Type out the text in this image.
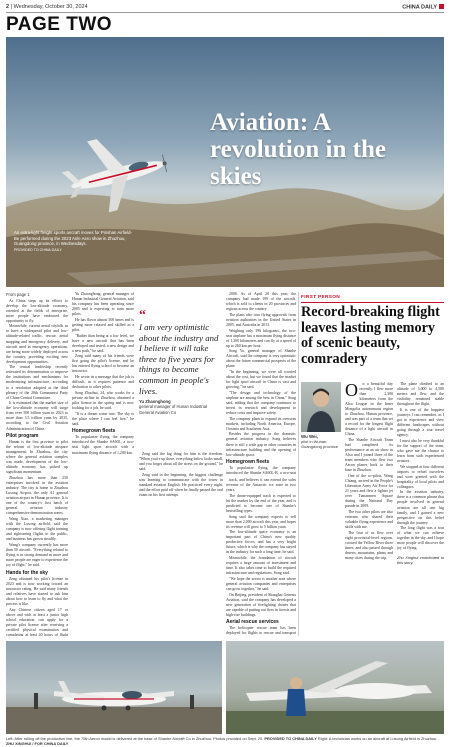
2 | Wednesday, October 30, 2024	CHINA DAILY
PAGE TWO
Aviation: A revolution in the skies
An extra-light freight sports aircraft moves for Pinshan Airfield-Be performed during the 2023 Anle Aero show in Zhuzhou, Guangdong province, in Wednesdays.
PROVIDED TO CHINA DAILY
From page 1

As China steps up its efforts to develop the low-altitude economy, oriented at the fields of enterprise, more people have embraced the opportunity to fly.

Meanwhile, current aerial cityfolk as to have a widespread pilot and low-altitude-related traffic, rescue, aerial mapping and emergency delivery, and aircraft used in emergency operations, are being more widely deployed across the country, providing exciting new development opportunities.

The central leadership recently reiterated its determination to improve the institutions and mechanisms for modernizing infrastructure, according to a resolution adopted at the third plenary of the 20th Communist Party of China Central Committee.

It is estimated that the market size of the low-altitude economy will surge from over 500 billion yuan in 2023 to more than 3.5 trillion yuan by 2035, according to the Civil Aviation Administration of China.

Pilot program

Hunan is the first province to pilot the reform of low-altitude airspace management. In Zhuzhou, the city where the general aviation complex was made, development of the low-altitude economy has picked up significant momentum.

Zhuzhou has more than 250 enterprises involved in the aviation industry. The city is home to Zhuzhou Lusong Airport, the only A1 general aviation airport in Hunan province. It is one of the country's first batch of general aviation industry comprehensive demonstration zones.

Wang Xiao, a marketing manager with the Lusong airfield, said the company is now offering flight training and sightseeing flights to the public, and business has grown steadily.

Wang's company currently has more than 50 aircraft. "Everything related to flying is in strong demand as more and more people are eager to experience the joy of flight," he said.

Hands for the sky

Zeng obtained his pilot's license in 2023 and is now working toward an instructor rating. He said many friends and relatives have started to ask him about how to learn to fly and what the process is like.

Any Chinese citizen aged 17 or above and with at least a junior high school education, can apply for a private pilot license after receiving a certified physical examination and completing at least 40 hours of flight

Yu Zhaonghong, general manager of Hunan Industrial General Aviation, said his company has been operating since 2005 and is expecting to train more pilots.

He has flown almost 500 times and is getting more relaxed and skilled as a pilot.

"Rather than being at a low level, we have a new aircraft that has been developed and tested, a new design and a new path," he said.

Zeng said many of his friends were first going the pilot's license, and he has entered flying school to become an instructor.

He wrote in a message that the job is difficult, as it requires patience and dedication to other pilots.

Song Zhaohui, 24, who works for a private airline in Zhuzhou, obtained a pilot license in the spring and is now looking for a job, he said.

"It is a dream come true. The sky is the place where I can feel free," he said.

Homegrown fleets

To popularize flying, the company introduced the Shanhe SA60L, a two-seat light sport aircraft with a maximum flying distance of 1,200 km.

“
I am very optimistic about the industry and I believe it will take three to five years for things to become common in people's lives.
Yu Zhaonghong
general manager of Hunan Industrial General Aviation Co

Zeng said the big thing for him is the freedom. "When you're up there, everything below looks small, and you forget about all the stress on the ground," he said.

Zeng said in the beginning, the biggest challenge was learning to communicate with the tower in standard aviation English. He practiced every night, and the effort paid off when he finally passed the oral exam on his first attempt.

2006. As of April 20 this year, the company had made 199 of the aircraft, which is sold to clients in 20 provinces and regions across the country.

The plans also tour flying approvals from aviation authorities in the United States in 2005, and Australia in 2013.

Weighing only 396 kilograms, the two-seat airplane has a maximum flying distance of 1,200 kilometers and can fly at a speed of up to 260 km per hour.

Song Ya, general manager of Shanhe Aircraft, said the company is very optimistic about the future commercial prospects of the plane.

"In the beginning, we were all worried about the cost, but we found that the market for light sport aircraft in China is vast and growing," he said.

"The design and technology of the airplane are among the best in China," Song said, adding that the company continues to invest in research and development to reduce costs and improve safety.

The company plans to expand its overseas markets, including North America, Europe, Oceania and Southeast Asia.

Besides the progress in the domestic general aviation industry, Song believes there is still a wide gap in other countries in infrastructure building and the opening of low-altitude space.

Homegrown fleets

To popularize flying, the company introduced the Shanhe SA60L-B, a two-seat

track, and believes it can extend the sales revenue of the Antarctic ice zone in two years.

The drone-equipped track is expected to hit the market by the end of the year, and is predicted to become one of Shanhe's bestselling types.

Song said the company expects to sell more than 2,000 aircraft this year, and hopes its revenue will grow to 5 billion yuan.

The low-altitude space economy is an important part of China's new quality productive forces, and has a very bright future, which is why the company has stayed in the industry for such a long time, he said.

Meanwhile, the foundation of aircraft requires a large amount of investment and time. It also takes time to build the required infrastructure and regulations, Song said.

"We hope the sector is another area where general aviation companies and enterprises can grow together," he said.

On Beijing, president of Shanghai Genesis Aviation, said the company has developed a new generation of firefighting drones that are capable of putting out fires in forests and high-rise buildings.

Aerial rescue services

The helicopter rescue team has been deployed for flights to rescue and transport

FIRST PERSON
Record-breaking flight leaves lasting memory of scenic beauty, comradery
Wu Wei,
pilot in Wuhan, Guangdong province
O	n a beautiful day recently, I flew more than 2,300 kilometers from the Alxa League in the Inner Mongolia autonomous region to Zhuzhou, Hunan province, and was part of a team that set a record for the longest flight distance of a light aircraft in China.

The Shanhe Aircraft Team had completed its performance at an air show in Alxa and I joined three of the team members who flew two Aeron planes back to their base in Zhuzhou.

One of the co-pilots, Wang Chiang, arrived in the People's Liberation Army Air Force for 21 years and flew a fighter jet over Tiananmen Square during the National Day parade in 2009.

The two other pilots are also veterans who shared their valuable flying experience and skills with me.

The four of us flew over eight provincial-level regions, crossed the Yellow River three times, and also passed through deserts, mountains, plains and many cities during the trip.

The plane climbed to an altitude of 3,000 to 4,500 meters and flew, and the visibility remained stable throughout the flight.

It is one of the happiest journeys I can remember, as I got to experience and view different landscapes without going through a tour travel agency.

I must also be very thankful for the support of the team, who gave me the chance to learn from such experienced aviators.

We stopped at four different airports to refuel ourselves and were greeted with the hospitality of local pilots and colleagues.

In the aviation industry, there is a common phrase that people involved in general aviation are all one big family, and I gained a new perspective on this belief through the journey.

The long flight was a tour of what we can achieve together in the sky, and I hope more people will discover the joy of flying.

Zhu Xinghui contributed to this story.
Left: After rolling off the production line, the 70th Aeron model is delivered at the base of Shanhe Aircraft Co in Zhuzhou. Photos provided on Sept. 20. PROVIDED TO CHINA DAILY Right: A technician works on an aircraft at Lusong Airfield in Zhuzhou. ZHU XINGHUI / FOR CHINA DAILY
